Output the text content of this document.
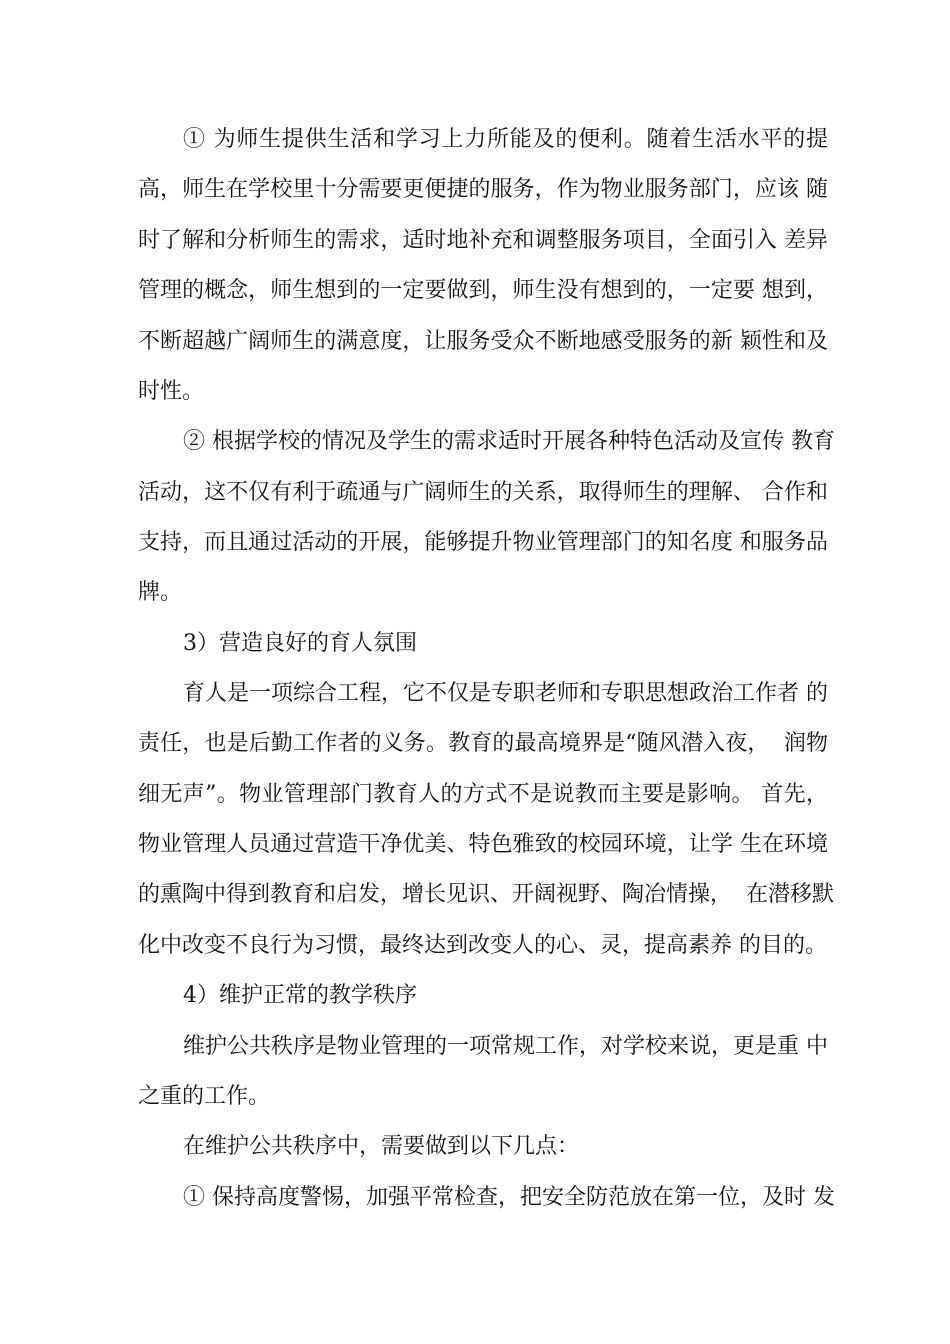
① 为师生提供生活和学习上力所能及的便利。随着生活水平的提
高，师生在学校里十分需要更便捷的服务，作为物业服务部门，应该 随
时了解和分析师生的需求，适时地补充和调整服务项目，全面引入 差异
管理的概念，师生想到的一定要做到，师生没有想到的，一定要 想到，
不断超越广阔师生的满意度，让服务受众不断地感受服务的新 颖性和及
时性。
② 根据学校的情况及学生的需求适时开展各种特色活动及宣传 教育
活动，这不仅有利于疏通与广阔师生的关系，取得师生的理解、 合作和
支持，而且通过活动的开展，能够提升物业管理部门的知名度 和服务品
牌。
3）营造良好的育人氛围
育人是一项综合工程，它不仅是专职老师和专职思想政治工作者 的
责任，也是后勤工作者的义务。教育的最高境界是“随风潜入夜，  润物
细无声”。物业管理部门教育人的方式不是说教而主要是影响。 首先，
物业管理人员通过营造干净优美、特色雅致的校园环境，让学 生在环境
的熏陶中得到教育和启发，增长见识、开阔视野、陶冶情操，  在潜移默
化中改变不良行为习惯，最终达到改变人的心、灵，提高素养 的目的。
4）维护正常的教学秩序
维护公共秩序是物业管理的一项常规工作，对学校来说，更是重 中
之重的工作。
在维护公共秩序中，需要做到以下几点：
① 保持高度警惕，加强平常检查，把安全防范放在第一位，及时 发
